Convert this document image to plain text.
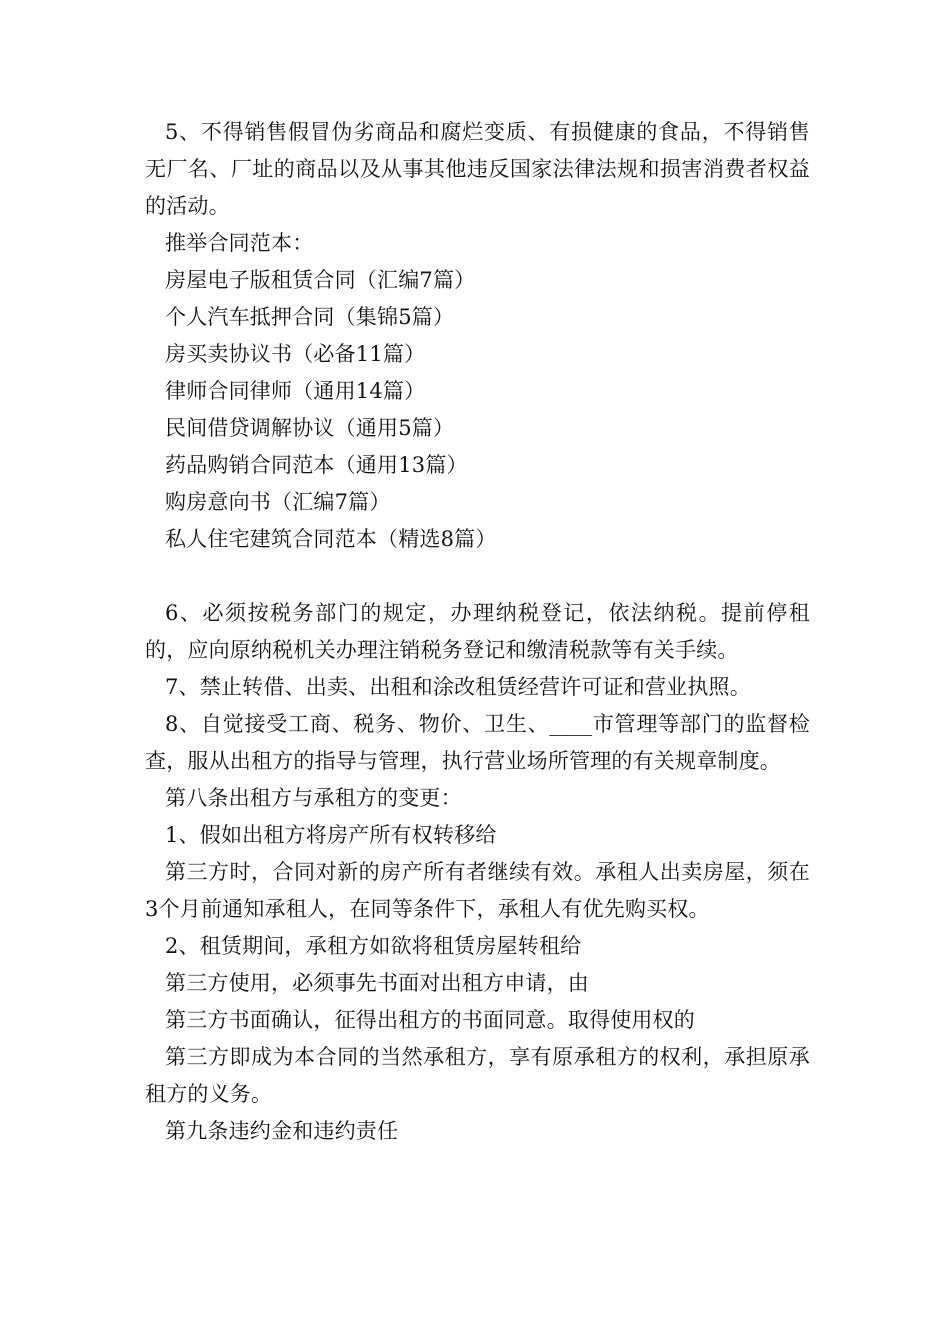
5、不得销售假冒伪劣商品和腐烂变质、有损健康的食品，不得销售无厂名、厂址的商品以及从事其他违反国家法律法规和损害消费者权益的活动。

推举合同范本：

房屋电子版租赁合同（汇编7篇）

个人汽车抵押合同（集锦5篇）

房买卖协议书（必备11篇）

律师合同律师（通用14篇）

民间借贷调解协议（通用5篇）

药品购销合同范本（通用13篇）

购房意向书（汇编7篇）

私人住宅建筑合同范本（精选8篇）

6、必须按税务部门的规定，办理纳税登记，依法纳税。提前停租的，应向原纳税机关办理注销税务登记和缴清税款等有关手续。

7、禁止转借、出卖、出租和涂改租赁经营许可证和营业执照。

8、自觉接受工商、税务、物价、卫生、____市管理等部门的监督检查，服从出租方的指导与管理，执行营业场所管理的有关规章制度。

第八条出租方与承租方的变更：

1、假如出租方将房产所有权转移给

第三方时，合同对新的房产所有者继续有效。承租人出卖房屋，须在3个月前通知承租人，在同等条件下，承租人有优先购买权。

2、租赁期间，承租方如欲将租赁房屋转租给

第三方使用，必须事先书面对出租方申请，由

第三方书面确认，征得出租方的书面同意。取得使用权的

第三方即成为本合同的当然承租方，享有原承租方的权利，承担原承租方的义务。

第九条违约金和违约责任
